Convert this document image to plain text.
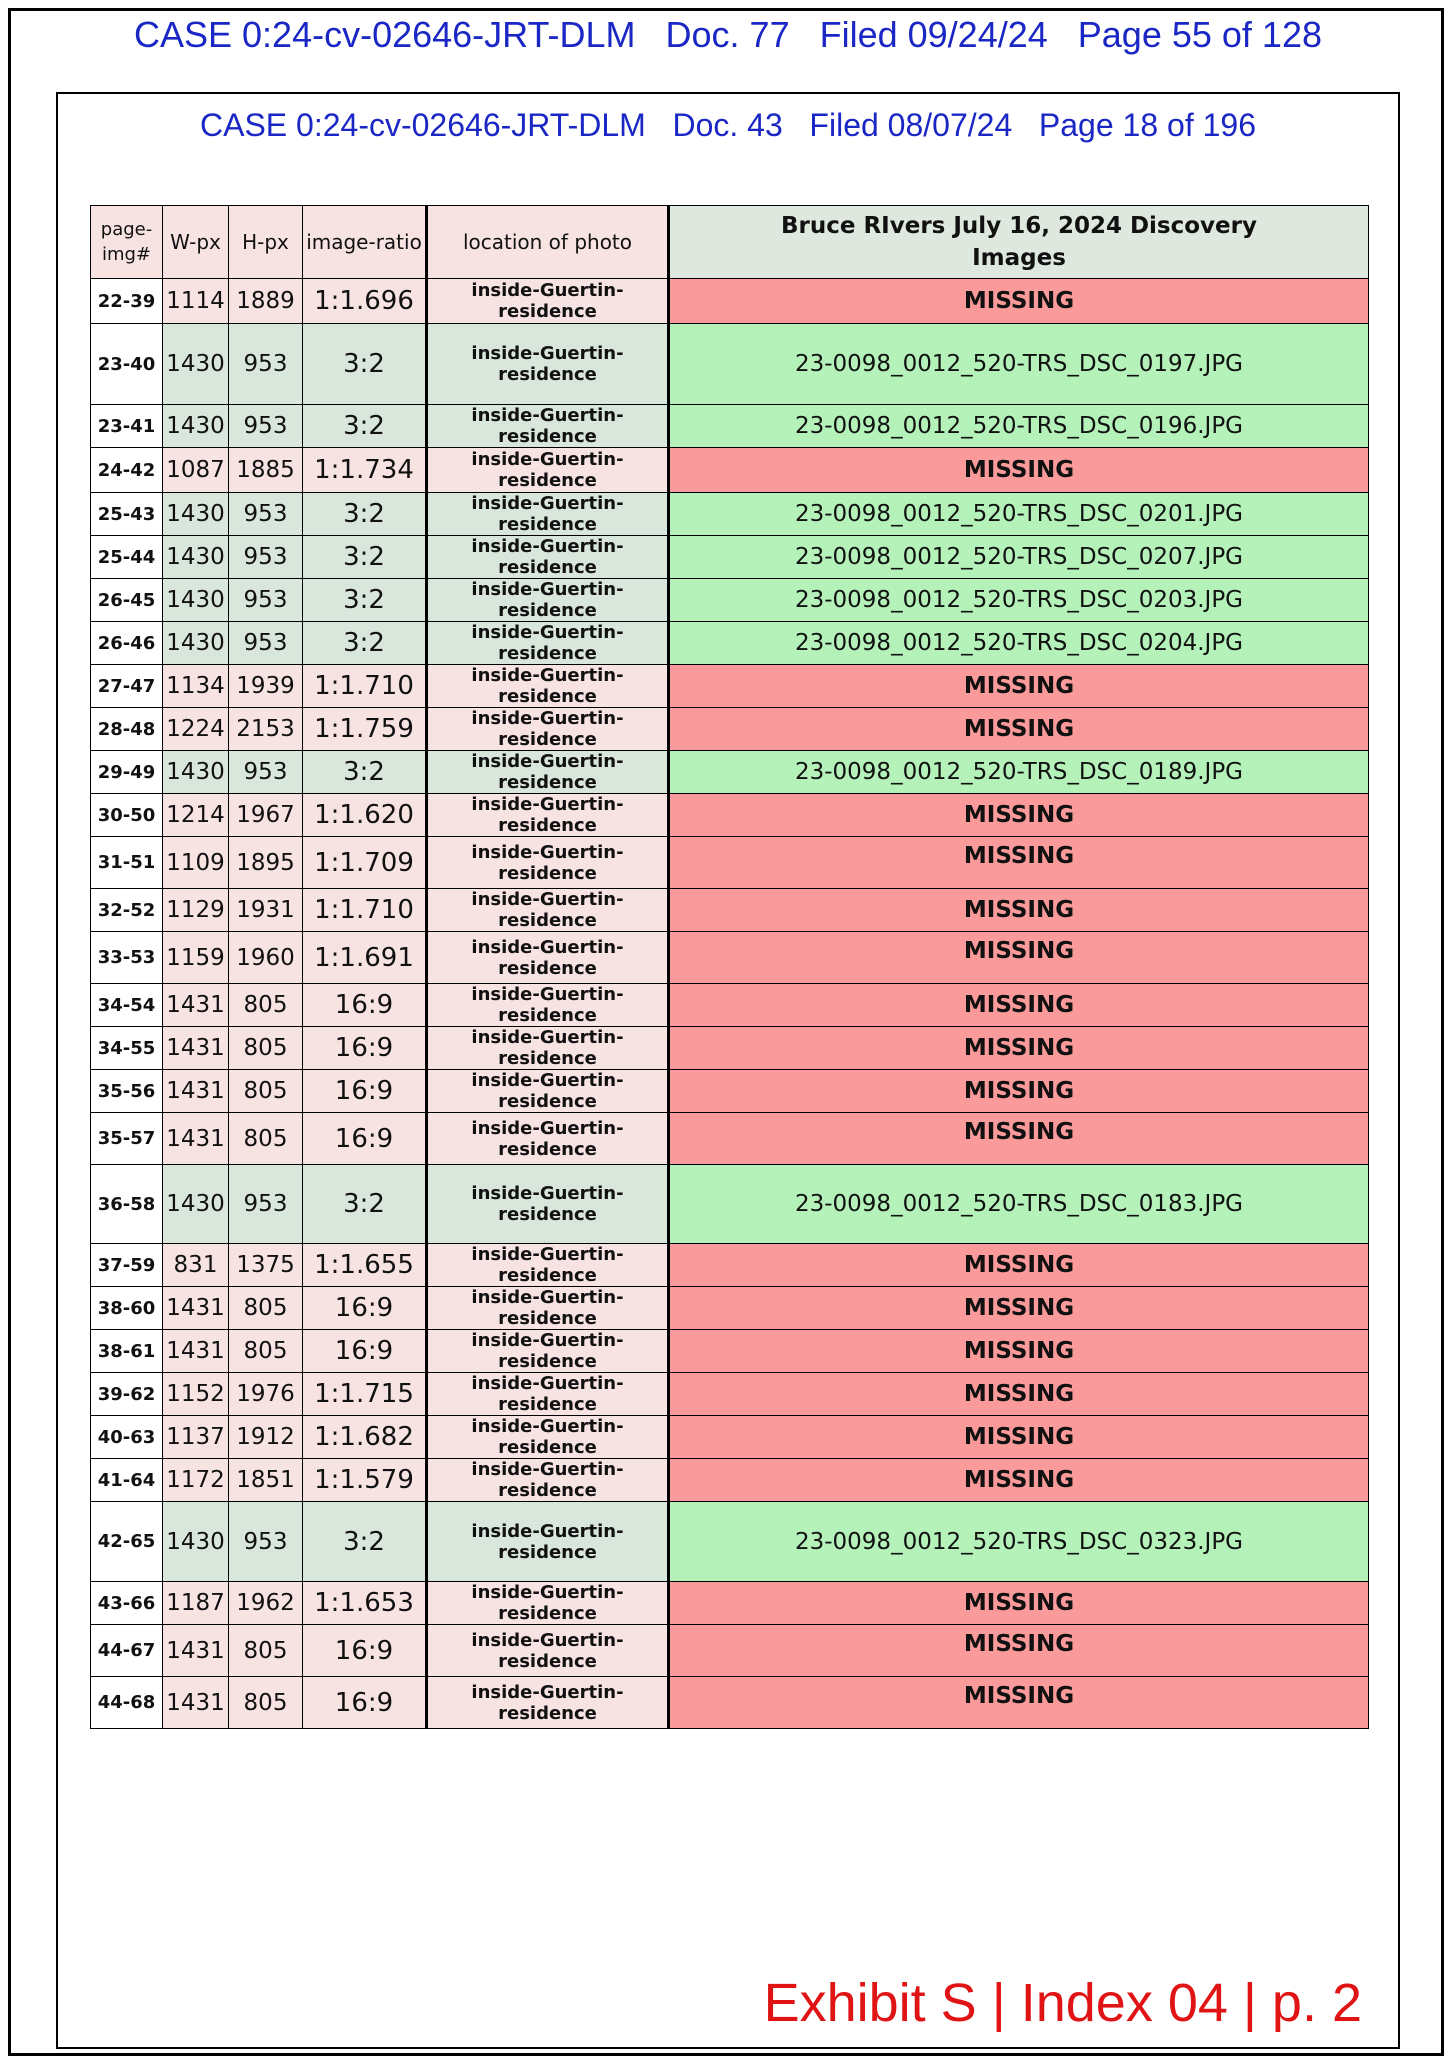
CASE 0:24-cv-02646-JRT-DLM   Doc. 77   Filed 09/24/24   Page 55 of 128
CASE 0:24-cv-02646-JRT-DLM   Doc. 43   Filed 08/07/24   Page 18 of 196
page-
img#	W-px	H-px	image-ratio	location of photo	Bruce RIvers July 16, 2024 Discovery
Images
22-39	1114	1889	1:1.696	inside-Guertin-residence	MISSING
23-40	1430	953	3:2	inside-Guertin-residence	23-0098_0012_520-TRS_DSC_0197.JPG
23-41	1430	953	3:2	inside-Guertin-residence	23-0098_0012_520-TRS_DSC_0196.JPG
24-42	1087	1885	1:1.734	inside-Guertin-residence	MISSING
25-43	1430	953	3:2	inside-Guertin-residence	23-0098_0012_520-TRS_DSC_0201.JPG
25-44	1430	953	3:2	inside-Guertin-residence	23-0098_0012_520-TRS_DSC_0207.JPG
26-45	1430	953	3:2	inside-Guertin-residence	23-0098_0012_520-TRS_DSC_0203.JPG
26-46	1430	953	3:2	inside-Guertin-residence	23-0098_0012_520-TRS_DSC_0204.JPG
27-47	1134	1939	1:1.710	inside-Guertin-residence	MISSING
28-48	1224	2153	1:1.759	inside-Guertin-residence	MISSING
29-49	1430	953	3:2	inside-Guertin-residence	23-0098_0012_520-TRS_DSC_0189.JPG
30-50	1214	1967	1:1.620	inside-Guertin-residence	MISSING
31-51	1109	1895	1:1.709	inside-Guertin-residence	MISSING
32-52	1129	1931	1:1.710	inside-Guertin-residence	MISSING
33-53	1159	1960	1:1.691	inside-Guertin-residence	MISSING
34-54	1431	805	16:9	inside-Guertin-residence	MISSING
34-55	1431	805	16:9	inside-Guertin-residence	MISSING
35-56	1431	805	16:9	inside-Guertin-residence	MISSING
35-57	1431	805	16:9	inside-Guertin-residence	MISSING
36-58	1430	953	3:2	inside-Guertin-residence	23-0098_0012_520-TRS_DSC_0183.JPG
37-59	831	1375	1:1.655	inside-Guertin-residence	MISSING
38-60	1431	805	16:9	inside-Guertin-residence	MISSING
38-61	1431	805	16:9	inside-Guertin-residence	MISSING
39-62	1152	1976	1:1.715	inside-Guertin-residence	MISSING
40-63	1137	1912	1:1.682	inside-Guertin-residence	MISSING
41-64	1172	1851	1:1.579	inside-Guertin-residence	MISSING
42-65	1430	953	3:2	inside-Guertin-residence	23-0098_0012_520-TRS_DSC_0323.JPG
43-66	1187	1962	1:1.653	inside-Guertin-residence	MISSING
44-67	1431	805	16:9	inside-Guertin-residence	MISSING
44-68	1431	805	16:9	inside-Guertin-residence	MISSING
Exhibit S | Index 04 | p. 2
